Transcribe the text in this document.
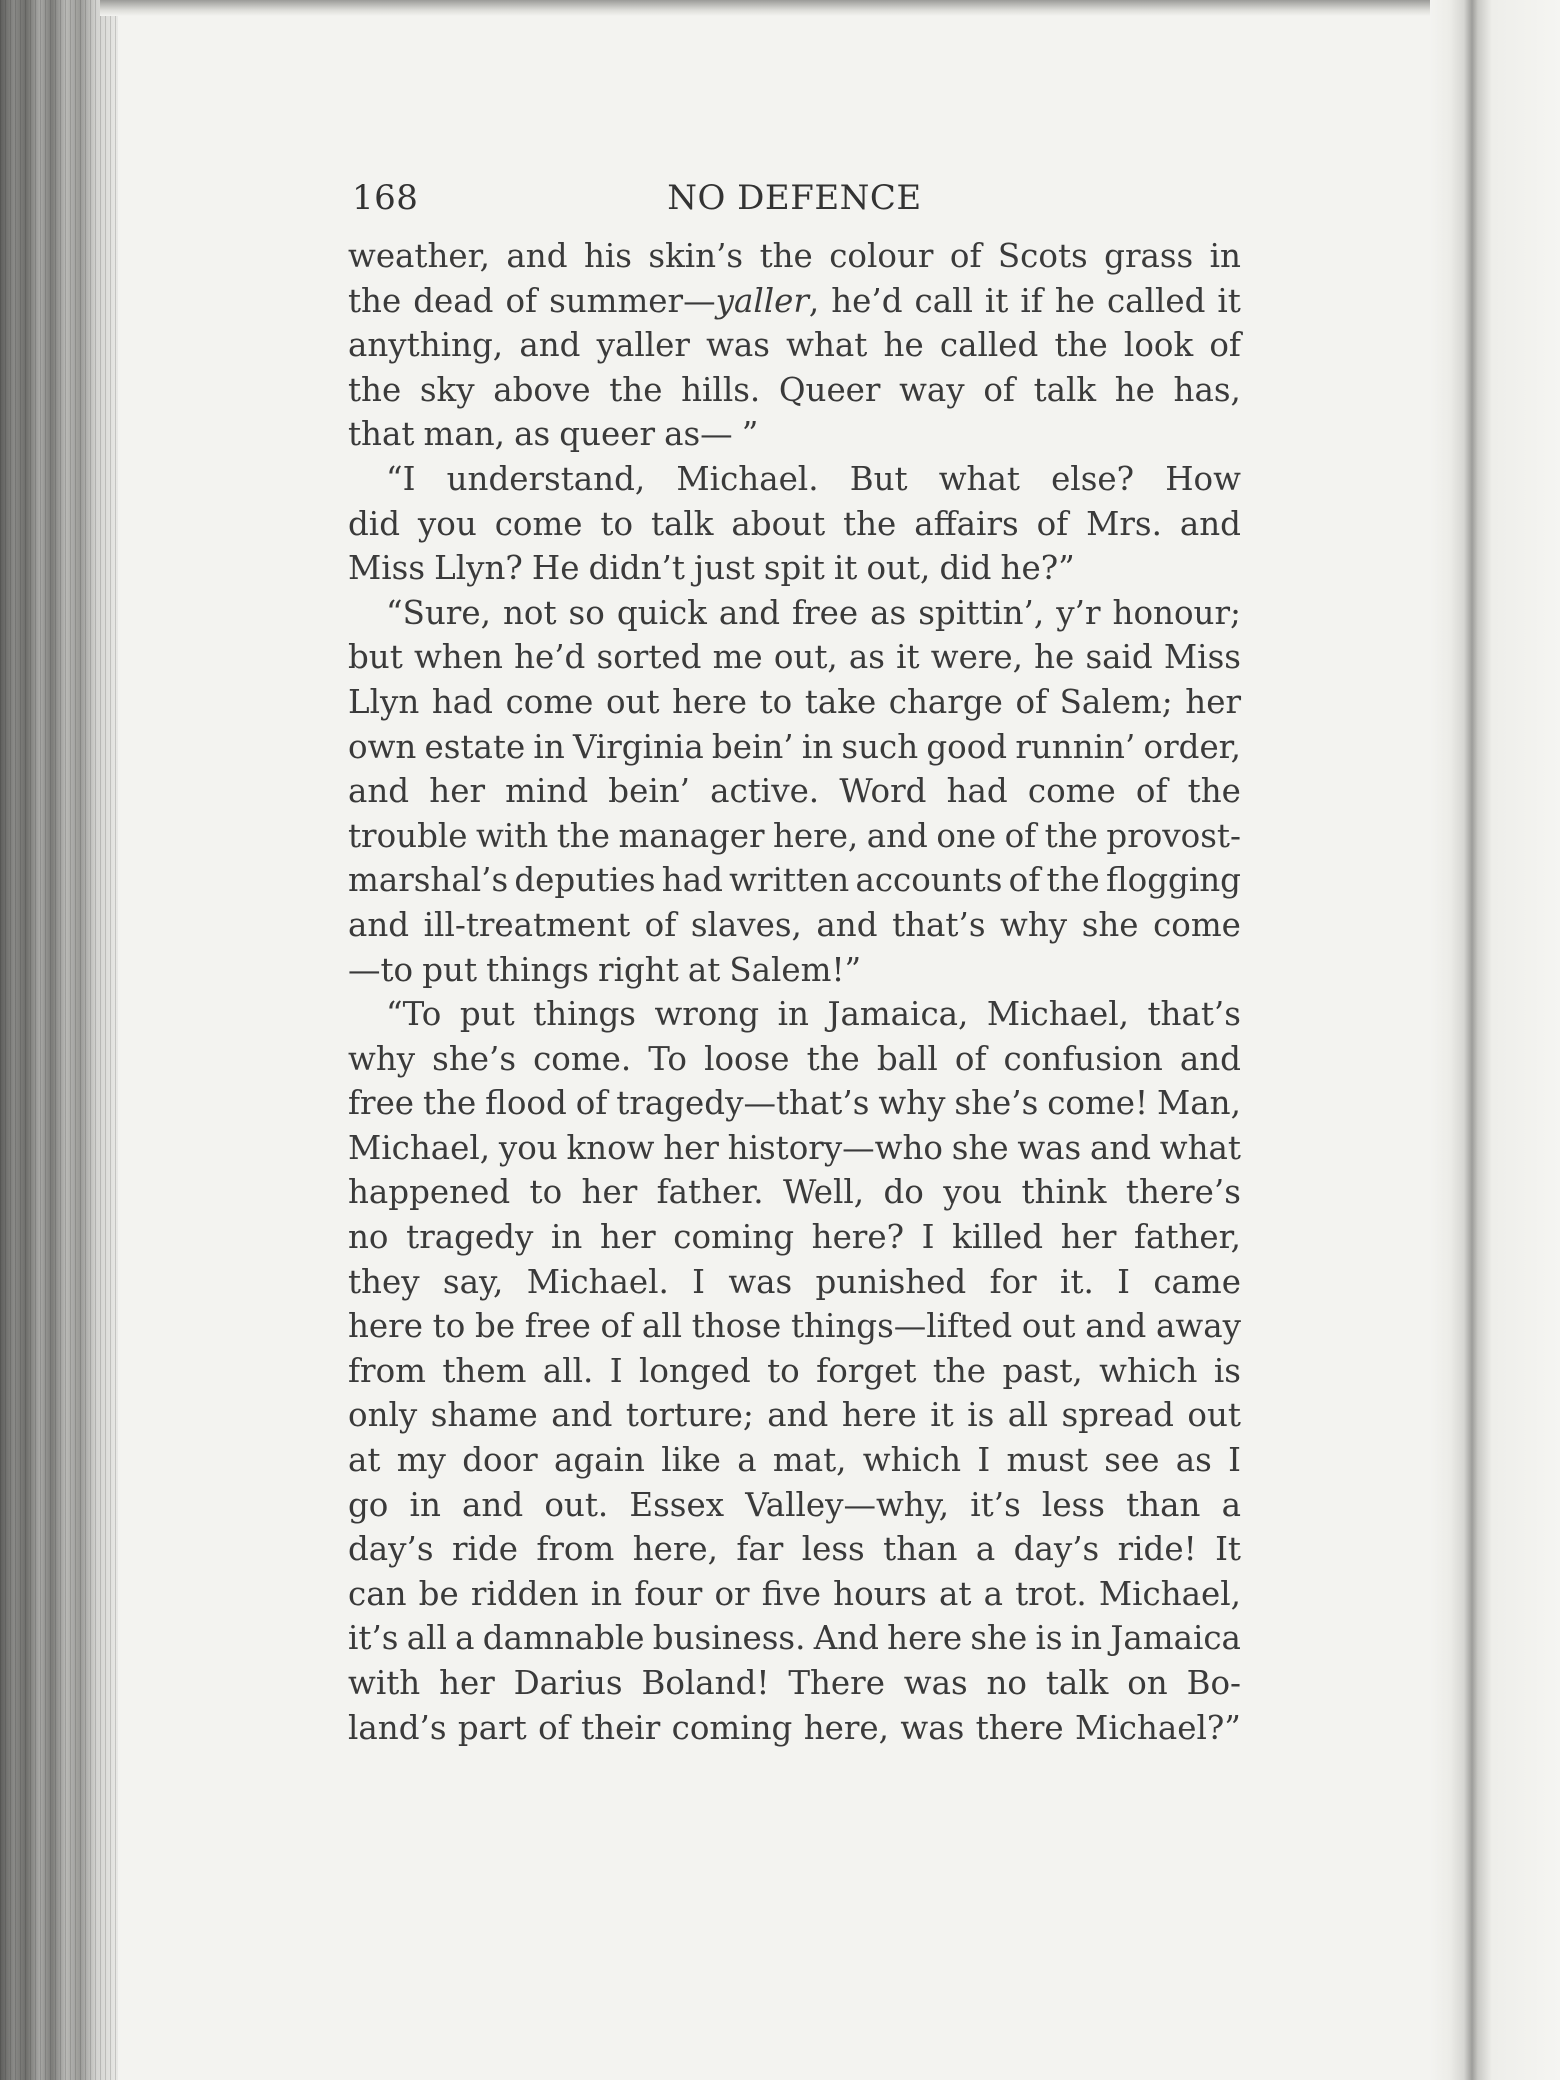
168	NO DEFENCE
weather, and his skin’s the colour of Scots grass in
the dead of summer—yaller, he’d call it if he called it
anything, and yaller was what he called the look of
the sky above the hills. Queer way of talk he has,
that man, as queer as— ”
“I understand, Michael. But what else? How
did you come to talk about the affairs of Mrs. and
Miss Llyn? He didn’t just spit it out, did he?”
“Sure, not so quick and free as spittin’, y’r honour;
but when he’d sorted me out, as it were, he said Miss
Llyn had come out here to take charge of Salem; her
own estate in Virginia bein’ in such good runnin’ order,
and her mind bein’ active. Word had come of the
trouble with the manager here, and one of the provost-
marshal’s deputies had written accounts of the flogging
and ill-treatment of slaves, and that’s why she come
—to put things right at Salem!”
“To put things wrong in Jamaica, Michael, that’s
why she’s come. To loose the ball of confusion and
free the flood of tragedy—that’s why she’s come! Man,
Michael, you know her history—who she was and what
happened to her father. Well, do you think there’s
no tragedy in her coming here? I killed her father,
they say, Michael. I was punished for it. I came
here to be free of all those things—lifted out and away
from them all. I longed to forget the past, which is
only shame and torture; and here it is all spread out
at my door again like a mat, which I must see as I
go in and out. Essex Valley—why, it’s less than a
day’s ride from here, far less than a day’s ride! It
can be ridden in four or five hours at a trot. Michael,
it’s all a damnable business. And here she is in Jamaica
with her Darius Boland! There was no talk on Bo-
land’s part of their coming here, was there Michael?”
